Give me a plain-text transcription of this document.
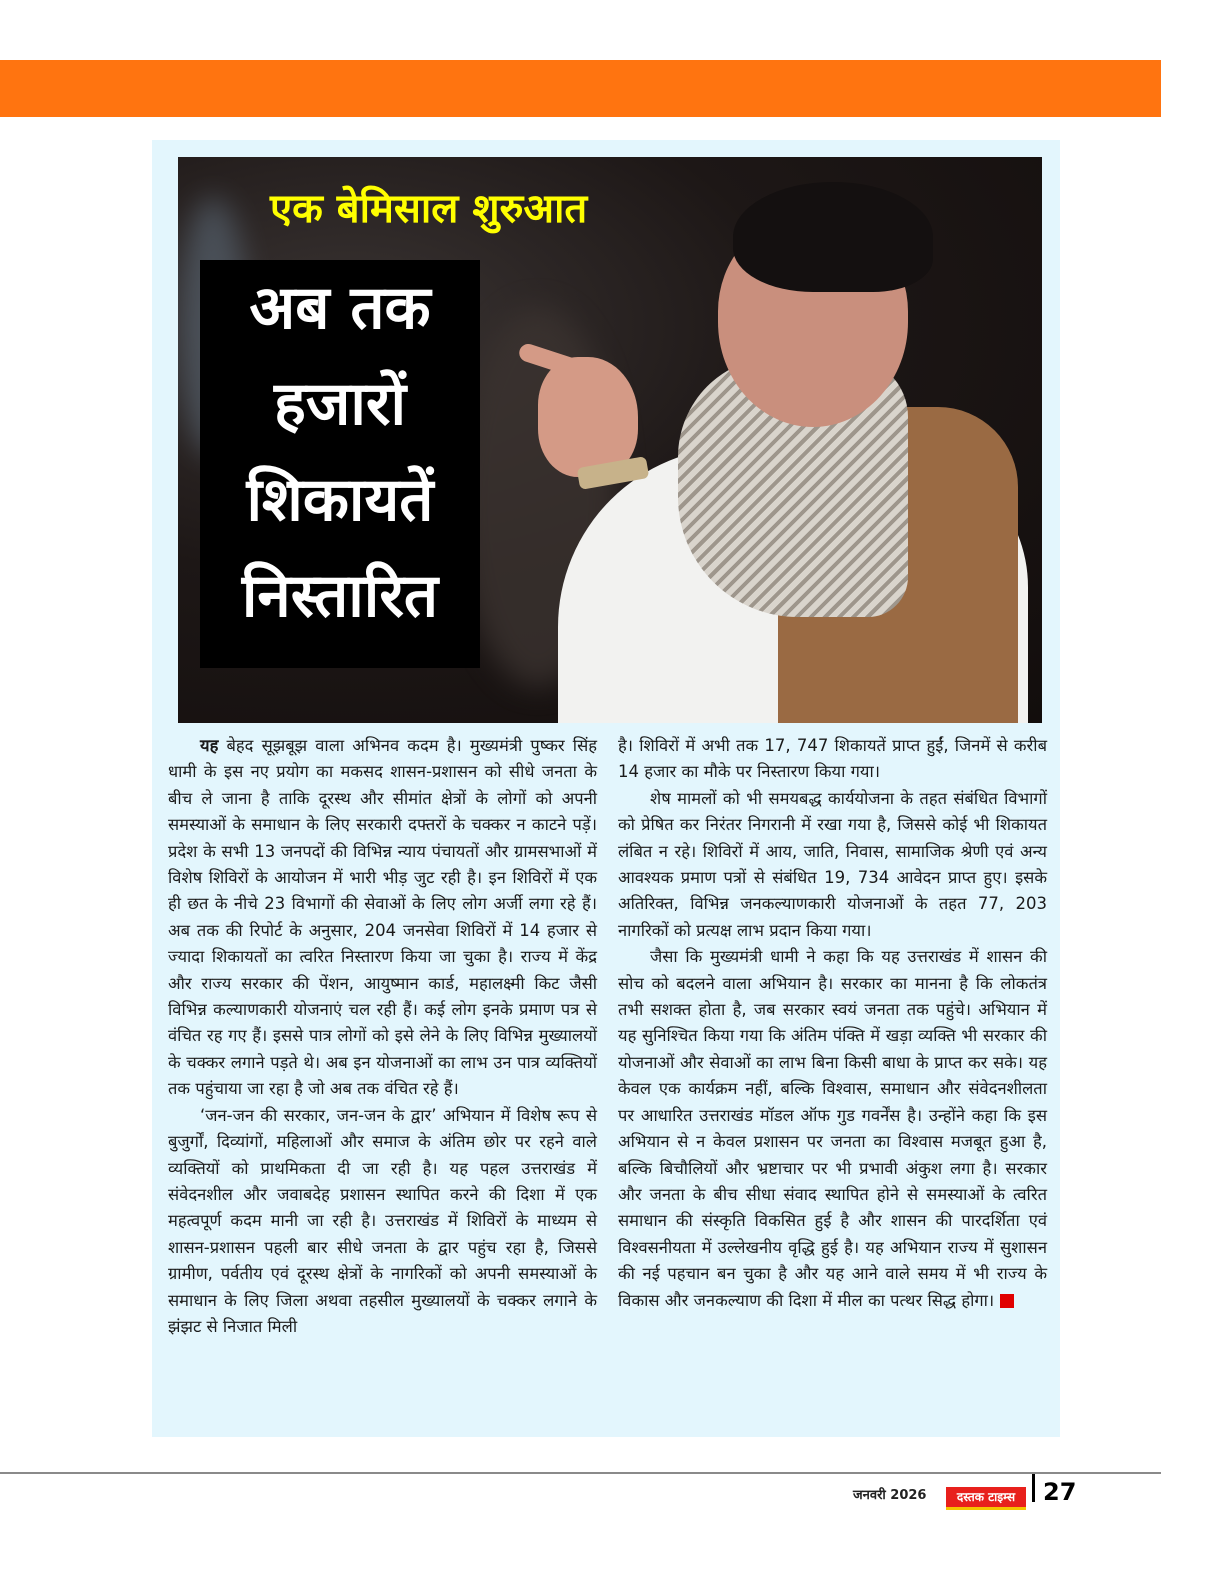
एक बेमिसाल शुरुआत

अब तक

हजारों

शिकायतें

निस्तारित

यह बेहद सूझबूझ वाला अभिनव कदम है। मुख्यमंत्री पुष्कर सिंह धामी के इस नए प्रयोग का मकसद शासन-प्रशासन को सीधे जनता के बीच ले जाना है ताकि दूरस्थ और सीमांत क्षेत्रों के लोगों को अपनी समस्याओं के समाधान के लिए सरकारी दफ्तरों के चक्कर न काटने पड़ें। प्रदेश के सभी 13 जनपदों की विभिन्न न्याय पंचायतों और ग्रामसभाओं में विशेष शिविरों के आयोजन में भारी भीड़ जुट रही है। इन शिविरों में एक ही छत के नीचे 23 विभागों की सेवाओं के लिए लोग अर्जी लगा रहे हैं। अब तक की रिपोर्ट के अनुसार, 204 जनसेवा शिविरों में 14 हजार से ज्यादा शिकायतों का त्वरित निस्तारण किया जा चुका है। राज्य में केंद्र और राज्य सरकार की पेंशन, आयुष्मान कार्ड, महालक्ष्मी किट जैसी विभिन्न कल्याणकारी योजनाएं चल रही हैं। कई लोग इनके प्रमाण पत्र से वंचित रह गए हैं। इससे पात्र लोगों को इसे लेने के लिए विभिन्न मुख्यालयों के चक्कर लगाने पड़ते थे। अब इन योजनाओं का लाभ उन पात्र व्यक्तियों तक पहुंचाया जा रहा है जो अब तक वंचित रहे हैं।

‘जन-जन की सरकार, जन-जन के द्वार’ अभियान में विशेष रूप से बुजुर्गों, दिव्यांगों, महिलाओं और समाज के अंतिम छोर पर रहने वाले व्यक्तियों को प्राथमिकता दी जा रही है। यह पहल उत्तराखंड में संवेदनशील और जवाबदेह प्रशासन स्थापित करने की दिशा में एक महत्वपूर्ण कदम मानी जा रही है। उत्तराखंड में शिविरों के माध्यम से शासन-प्रशासन पहली बार सीधे जनता के द्वार पहुंच रहा है, जिससे ग्रामीण, पर्वतीय एवं दूरस्थ क्षेत्रों के नागरिकों को अपनी समस्याओं के समाधान के लिए जिला अथवा तहसील मुख्यालयों के चक्कर लगाने के झंझट से निजात मिली

है। शिविरों में अभी तक 17, 747 शिकायतें प्राप्त हुईं, जिनमें से करीब 14 हजार का मौके पर निस्तारण किया गया।

शेष मामलों को भी समयबद्ध कार्ययोजना के तहत संबंधित विभागों को प्रेषित कर निरंतर निगरानी में रखा गया है, जिससे कोई भी शिकायत लंबित न रहे। शिविरों में आय, जाति, निवास, सामाजिक श्रेणी एवं अन्य आवश्यक प्रमाण पत्रों से संबंधित 19, 734 आवेदन प्राप्त हुए। इसके अतिरिक्त, विभिन्न जनकल्याणकारी योजनाओं के तहत 77, 203 नागरिकों को प्रत्यक्ष लाभ प्रदान किया गया।

जैसा कि मुख्यमंत्री धामी ने कहा कि यह उत्तराखंड में शासन की सोच को बदलने वाला अभियान है। सरकार का मानना है कि लोकतंत्र तभी सशक्त होता है, जब सरकार स्वयं जनता तक पहुंचे। अभियान में यह सुनिश्चित किया गया कि अंतिम पंक्ति में खड़ा व्यक्ति भी सरकार की योजनाओं और सेवाओं का लाभ बिना किसी बाधा के प्राप्त कर सके। यह केवल एक कार्यक्रम नहीं, बल्कि विश्वास, समाधान और संवेदनशीलता पर आधारित उत्तराखंड मॉडल ऑफ गुड गवर्नेंस है। उन्होंने कहा कि इस अभियान से न केवल प्रशासन पर जनता का विश्वास मजबूत हुआ है, बल्कि बिचौलियों और भ्रष्टाचार पर भी प्रभावी अंकुश लगा है। सरकार और जनता के बीच सीधा संवाद स्थापित होने से समस्याओं के त्वरित समाधान की संस्कृति विकसित हुई है और शासन की पारदर्शिता एवं विश्वसनीयता में उल्लेखनीय वृद्धि हुई है। यह अभियान राज्य में सुशासन की नई पहचान बन चुका है और यह आने वाले समय में भी राज्य के विकास और जनकल्याण की दिशा में मील का पत्थर सिद्ध होगा।

जनवरी 2026	दस्तक टाइम्स	27
